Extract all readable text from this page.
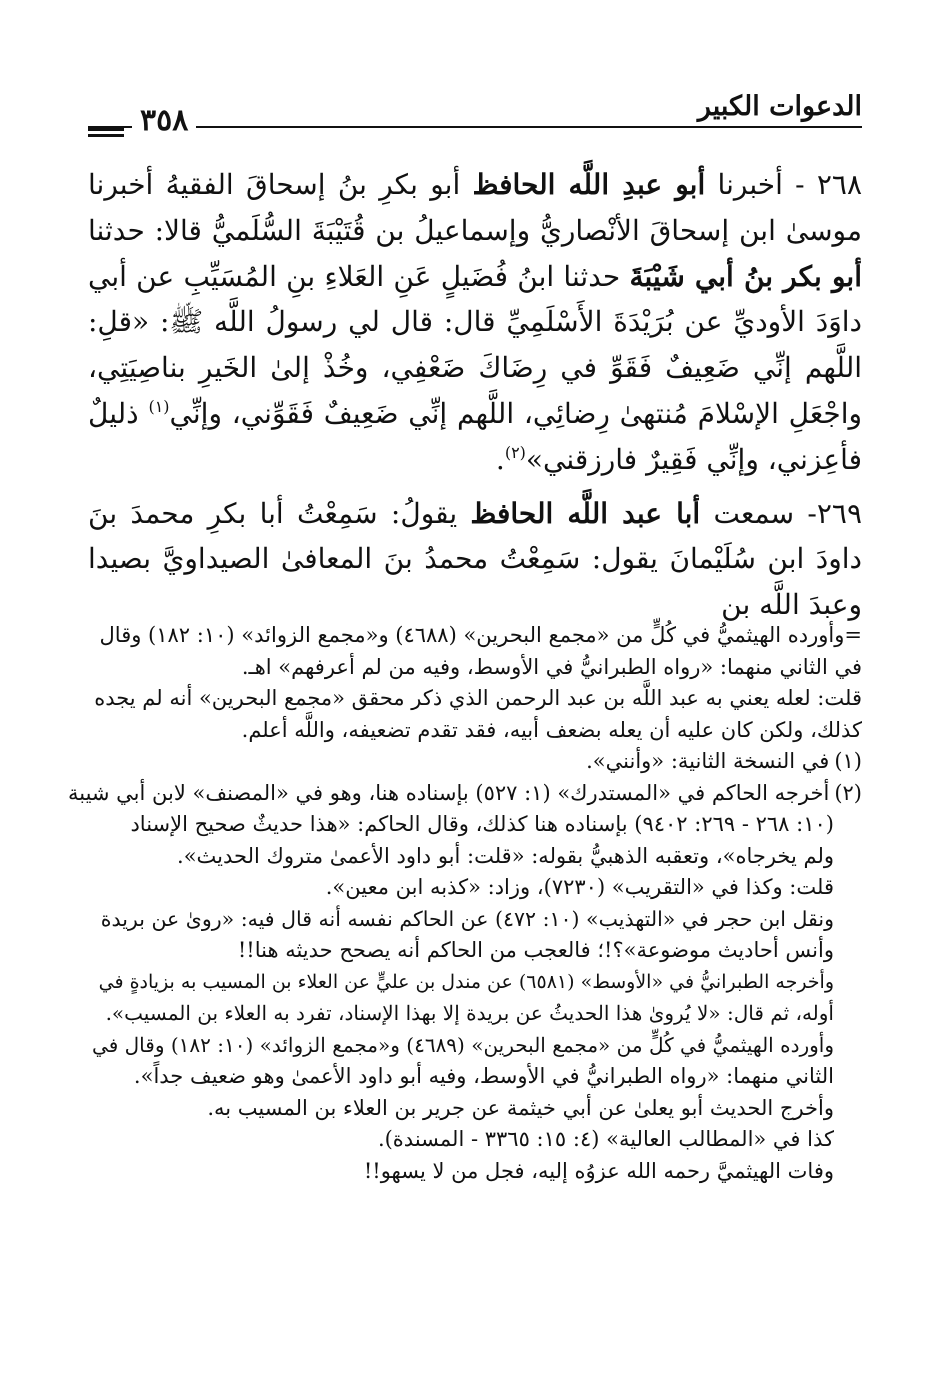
الدعوات الكبير
٣٥٨

٢٦٨ - أخبرنا أبو عبدِ اللَّه الحافظ أبو بكرِ بنُ إسحاقَ الفقيهُ أخبرنا موسىٰ ابن إسحاقَ الأنْصاريُّ وإسماعيلُ بن قُتَيْبَةَ السُّلَميُّ قالا: حدثنا أبو بكر بنُ أبي شَيْبَةَ حدثنا ابنُ فُضَيلٍ عَنِ العَلاءِ بنِ المُسَيِّبِ عن أبي داوَدَ الأوديِّ عن بُرَيْدَةَ الأَسْلَمِيِّ قال: قال لي رسولُ اللَّه ﷺ: «قلِ: اللَّهم إنِّي ضَعِيفٌ فَقَوِّ في رِضَاكَ ضَعْفِي، وخُذْ إلىٰ الخَيرِ بناصِيَتِي، واجْعَلِ الإسْلامَ مُنتهىٰ رِضائِي، اللَّهم إنِّي ضَعِيفٌ فَقَوِّني، وإنِّي$^{(١)}$ ذليلٌ فأعِزني، وإنِّي فَقِيرٌ فارزقني»$^{(٢)}$.

٢٦٩- سمعت أبا عبد اللَّه الحافظ يقولُ: سَمِعْتُ أبا بكرِ محمدَ بنَ داودَ ابن سُلَيْمانَ يقول: سَمِعْتُ محمدُ بنَ المعافىٰ الصيداويَّ بصيدا وعبدَ اللَّه بن

=وأورده الهيثميُّ في كُلٍّ من «مجمع البحرين» (٤٦٨٨) و«مجمع الزوائد» (١٠: ١٨٢) وقال
في الثاني منهما: «رواه الطبرانيُّ في الأوسط، وفيه من لم أعرفهم» اهـ.
قلت: لعله يعني به عبد اللَّه بن عبد الرحمن الذي ذكر محقق «مجمع البحرين» أنه لم يجده
كذلك، ولكن كان عليه أن يعله بضعف أبيه، فقد تقدم تضعيفه، واللَّه أعلم.
(١)في النسخة الثانية: «وأنني».
(٢)أخرجه الحاكم في «المستدرك» (١: ٥٢٧) بإسناده هنا، وهو في «المصنف» لابن أبي شيبة
(١٠: ٢٦٨ - ٢٦٩: ٩٤٠٢) بإسناده هنا كذلك، وقال الحاكم: «هذا حديثٌ صحيح الإسناد
ولم يخرجاه»، وتعقبه الذهبيُّ بقوله: «قلت: أبو داود الأعمىٰ متروك الحديث».
قلت: وكذا في «التقريب» (٧٢٣٠)، وزاد: «كذبه ابن معين».
ونقل ابن حجر في «التهذيب» (١٠: ٤٧٢) عن الحاكم نفسه أنه قال فيه: «روىٰ عن بريدة
وأنس أحاديث موضوعة»؟!؛ فالعجب من الحاكم أنه يصحح حديثه هنا!!
وأخرجه الطبرانيُّ في «الأوسط» (٦٥٨١) عن مندل بن عليٍّ عن العلاء بن المسيب به بزيادةٍ في
أوله، ثم قال: «لا يُروىٰ هذا الحديثُ عن بريدة إلا بهذا الإسناد، تفرد به العلاء بن المسيب».
وأورده الهيثميُّ في كُلٍّ من «مجمع البحرين» (٤٦٨٩) و«مجمع الزوائد» (١٠: ١٨٢) وقال في
الثاني منهما: «رواه الطبرانيُّ في الأوسط، وفيه أبو داود الأعمىٰ وهو ضعيف جداً».
وأخرج الحديث أبو يعلىٰ عن أبي خيثمة عن جرير بن العلاء بن المسيب به.
كذا في «المطالب العالية» (٤: ١٥: ٣٣٦٥ - المسندة).
وفات الهيثميَّ رحمه الله عزوُه إليه، فجل من لا يسهو!!
